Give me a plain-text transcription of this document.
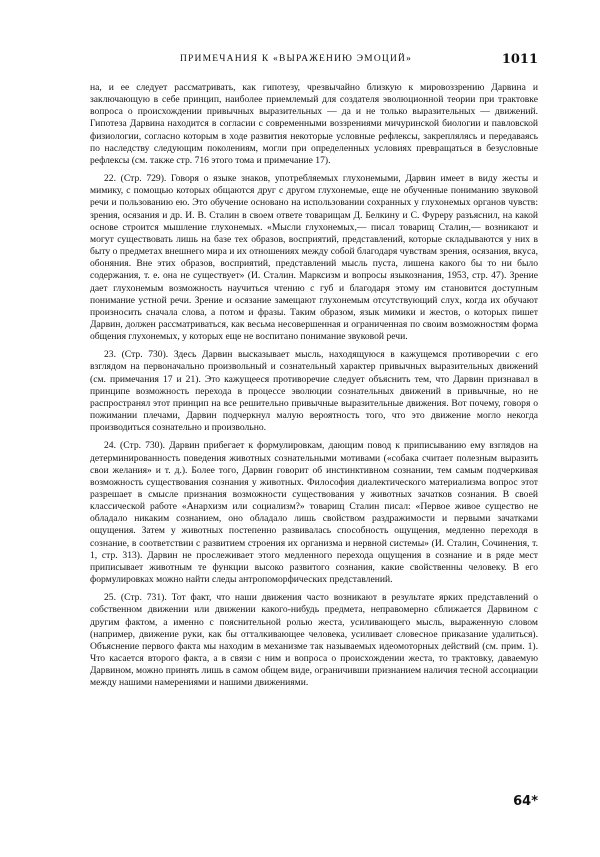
ПРИМЕЧАНИЯ К «ВЫРАЖЕНИЮ ЭМОЦИЙ»	1011

на, и ее следует рассматривать, как гипотезу, чрезвычайно близкую к мировоззрению Дарвина и заключающую в себе принцип, наиболее приемлемый для создателя эволюционной теории при трактовке вопроса о происхождении привычных выразительных — да и не только выразительных — движений. Гипотеза Дарвина находится в согласии с современными воззрениями мичуринской биологии и павловской физиологии, согласно которым в ходе развития некоторые условные рефлексы, закреплялясь и передаваясь по наследству следующим поколениям, могли при определенных условиях превращаться в безусловные рефлексы (см. также стр. 716 этого тома и примечание 17).

22. (Стр. 729). Говоря о языке знаков, употребляемых глухонемыми, Дарвин имеет в виду жесты и мимику, с помощью которых общаются друг с другом глухонемые, еще не обученные пониманию звуковой речи и пользованию ею. Это обучение основано на использовании сохранных у глухонемых органов чувств: зрения, осязания и др. И. В. Сталин в своем ответе товарищам Д. Белкину и С. Фуреру разъяснил, на какой основе строится мышление глухонемых. «Мысли глухонемых,— писал товарищ Сталин,— возникают и могут существовать лишь на базе тех образов, восприятий, представлений, которые складываются у них в быту о предметах внешнего мира и их отношениях между собой благодаря чувствам зрения, осязания, вкуса, обоняния. Вне этих образов, восприятий, представлений мысль пуста, лишена какого бы то ни было содержания, т. е. она не существует» (И. Сталин. Марксизм и вопросы языкознания, 1953, стр. 47). Зрение дает глухонемым возможность научиться чтению с губ и благодаря этому им становится доступным понимание устной речи. Зрение и осязание замещают глухонемым отсутствующий слух, когда их обучают произносить сначала слова, а потом и фразы. Таким образом, язык мимики и жестов, о которых пишет Дарвин, должен рассматриваться, как весьма несовершенная и ограниченная по своим возможностям форма общения глухонемых, у которых еще не воспитано понимание звуковой речи.

23. (Стр. 730). Здесь Дарвин высказывает мысль, находящуюся в кажущемся противоречии с его взглядом на первоначально произвольный и сознательный характер привычных выразительных движений (см. примечания 17 и 21). Это кажущееся противоречие следует объяснить тем, что Дарвин признавал в принципе возможность перехода в процессе эволюции сознательных движений в привычные, но не распространял этот принцип на все решительно привычные выразительные движения. Вот почему, говоря о пожимании плечами, Дарвин подчеркнул малую вероятность того, что это движение могло некогда производиться сознательно и произвольно.

24. (Стр. 730). Дарвин прибегает к формулировкам, дающим повод к приписыванию ему взглядов на детерминированность поведения животных сознательными мотивами («собака считает полезным выразить свои желания» и т. д.). Более того, Дарвин говорит об инстинктивном сознании, тем самым подчеркивая возможность существования сознания у животных. Философия диалектического материализма вопрос этот разрешает в смысле признания возможности существования у животных зачатков сознания. В своей классической работе «Анархизм или социализм?» товарищ Сталин писал: «Первое живое существо не обладало никаким сознанием, оно обладало лишь свойством раздражимости и первыми зачатками ощущения. Затем у животных постепенно развивалась способность ощущения, медленно переходя в сознание, в соответствии с развитием строения их организма и нервной системы» (И. Сталин, Сочинения, т. 1, стр. 313). Дарвин не прослеживает этого медленного перехода ощущения в сознание и в ряде мест приписывает животным те функции высоко развитого сознания, какие свойственны человеку. В его формулировках можно найти следы антропоморфических представлений.

25. (Стр. 731). Тот факт, что наши движения часто возникают в результате ярких представлений о собственном движении или движении какого-нибудь предмета, неправомерно сближается Дарвином с другим фактом, а именно с пояснительной ролью жеста, усиливающего мысль, выраженную словом (например, движение руки, как бы отталкивающее человека, усиливает словесное приказание удалиться). Объяснение первого факта мы находим в механизме так называемых идеомоторных действий (см. прим. 1). Что касается второго факта, а в связи с ним и вопроса о происхождении жеста, то трактовку, даваемую Дарвином, можно принять лишь в самом общем виде, ограничивши признанием наличия тесной ассоциации между нашими намерениями и нашими движениями.

64*
